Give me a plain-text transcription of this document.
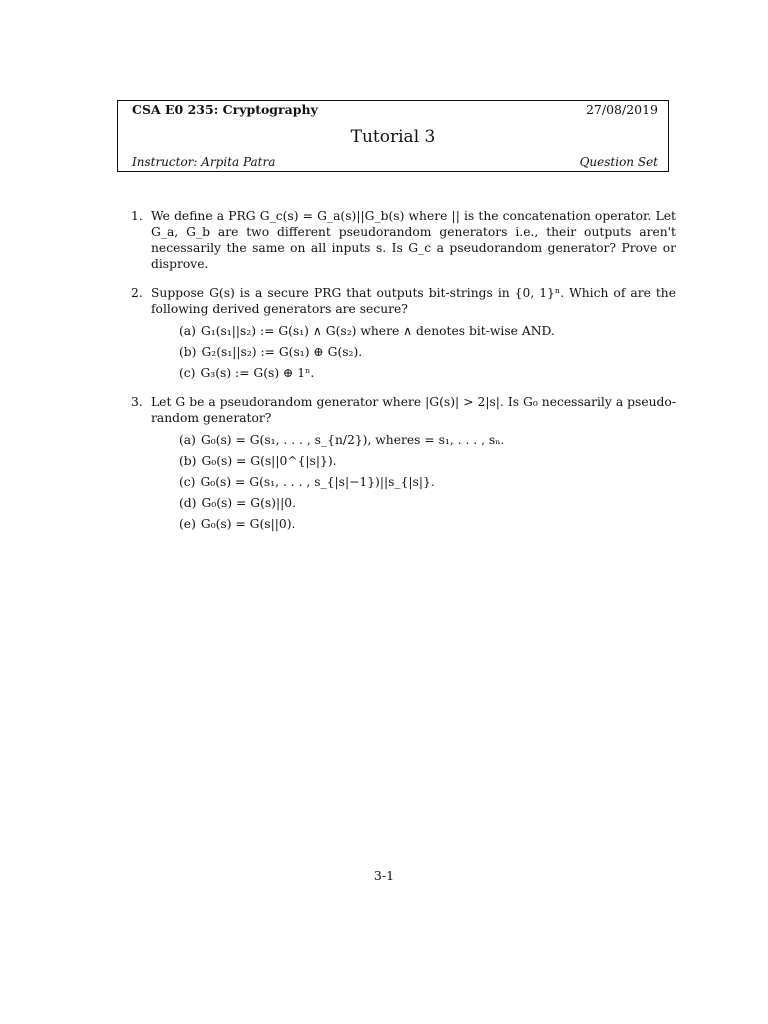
CSA E0 235: Cryptography	27/08/2019
Tutorial 3
Instructor: Arpita Patra	Question Set
1. We define a PRG G_c(s) = G_a(s)||G_b(s) where || is the concatenation operator. Let G_a, G_b are two different pseudorandom generators i.e., their outputs aren't necessarily the same on all inputs s. Is G_c a pseudorandom generator? Prove or disprove.

2. Suppose G(s) is a secure PRG that outputs bit-strings in {0, 1}ⁿ. Which of are the following derived generators are secure?

(a) G₁(s₁||s₂) := G(s₁) ∧ G(s₂) where ∧ denotes bit-wise AND.
(b) G₂(s₁||s₂) := G(s₁) ⊕ G(s₂).
(c) G₃(s) := G(s) ⊕ 1ⁿ.
3. Let G be a pseudorandom generator where |G(s)| > 2|s|. Is G₀ necessarily a pseudo-random generator?

(a) G₀(s) = G(s₁, . . . , s_{n/2}), wheres = s₁, . . . , sₙ.
(b) G₀(s) = G(s||0^{|s|}).
(c) G₀(s) = G(s₁, . . . , s_{|s|−1})||s_{|s|}.
(d) G₀(s) = G(s)||0.
(e) G₀(s) = G(s||0).
3-1
